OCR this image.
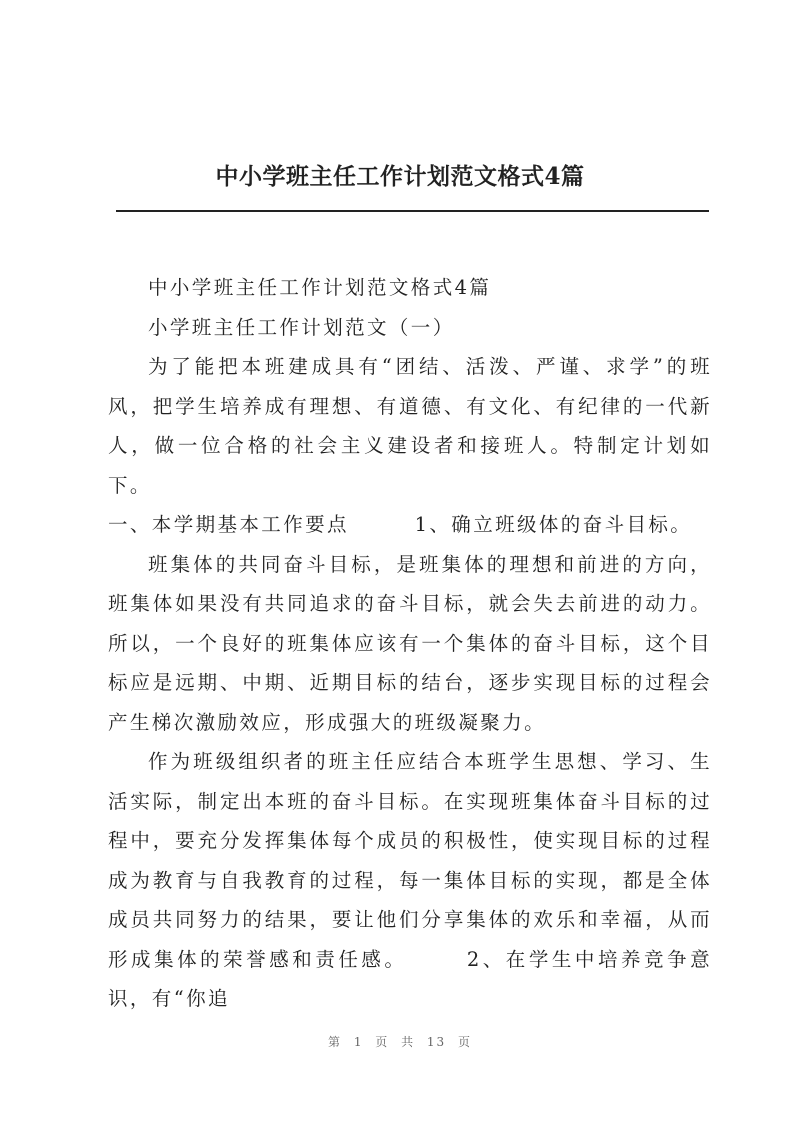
中小学班主任工作计划范文格式4篇

中小学班主任工作计划范文格式4篇

小学班主任工作计划范文（一）

为了能把本班建成具有“团结、活泼、严谨、求学”的班风，把学生培养成有理想、有道德、有文化、有纪律的一代新人，做一位合格的社会主义建设者和接班人。特制定计划如下。

一、本学期基本工作要点　　　1、确立班级体的奋斗目标。

班集体的共同奋斗目标，是班集体的理想和前进的方向，班集体如果没有共同追求的奋斗目标，就会失去前进的动力。所以，一个良好的班集体应该有一个集体的奋斗目标，这个目标应是远期、中期、近期目标的结台，逐步实现目标的过程会产生梯次激励效应，形成强大的班级凝聚力。

作为班级组织者的班主任应结合本班学生思想、学习、生活实际，制定出本班的奋斗目标。在实现班集体奋斗目标的过程中，要充分发挥集体每个成员的积极性，使实现目标的过程成为教育与自我教育的过程，每一集体目标的实现，都是全体成员共同努力的结果，要让他们分享集体的欢乐和幸福，从而形成集体的荣誉感和责任感。　　　2、在学生中培养竞争意识，有“你追

第 1 页 共 13 页
